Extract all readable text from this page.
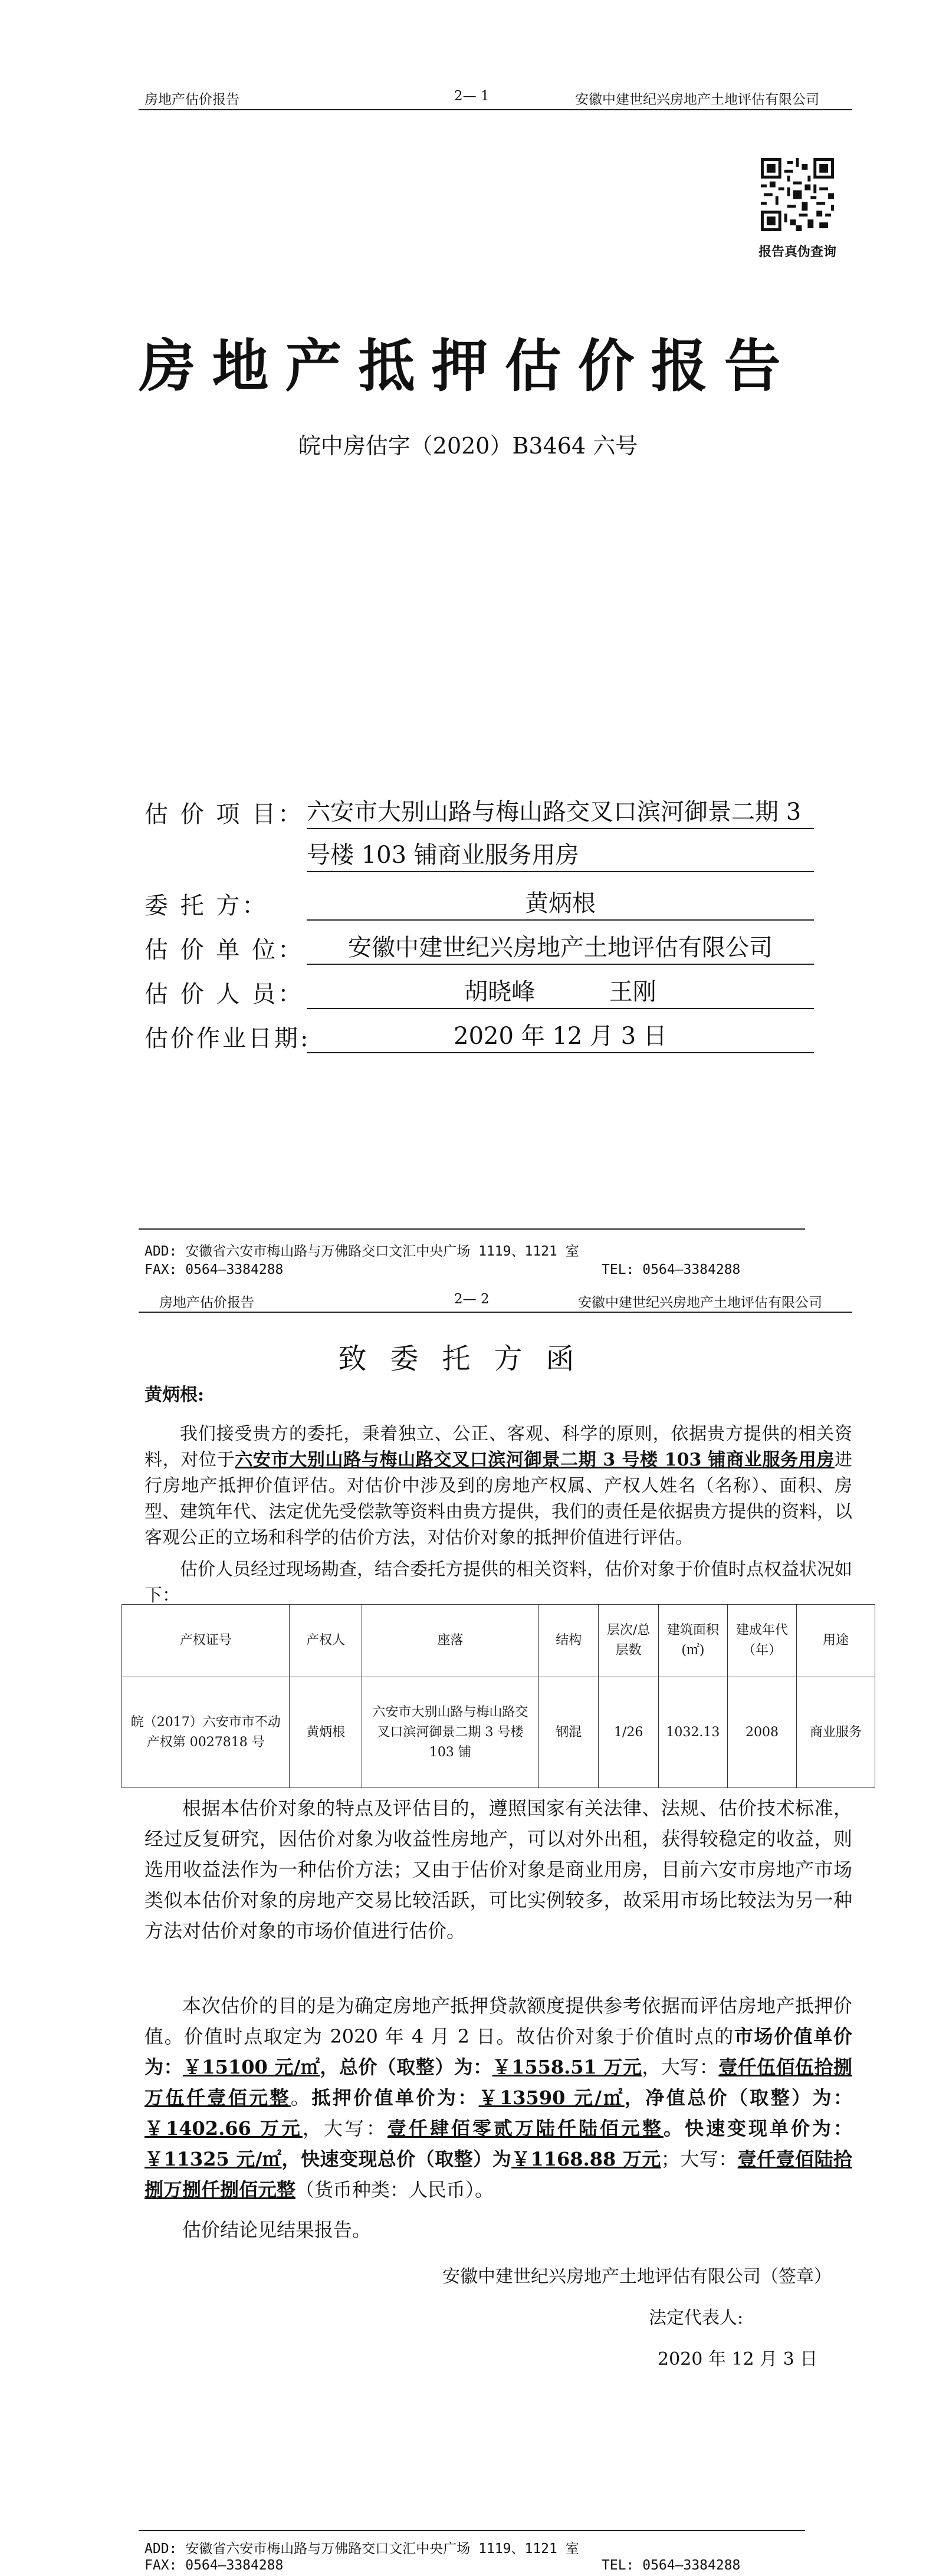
房地产估价报告	2— 1	安徽中建世纪兴房地产土地评估有限公司
报告真伪查询
房地产抵押估价报告
皖中房估字（2020）B3464 六号
估 价 项 目： 六安市大别山路与梅山路交叉口滨河御景二期 3
号楼 103 铺商业服务用房
委 托 方：	黄炳根
估 价 单 位：	安徽中建世纪兴房地产土地评估有限公司
估 价 人 员：	胡晓峰	王刚
估价作业日期:	2020 年 12 月 3 日
ADD: 安徽省六安市梅山路与万佛路交口文汇中央广场 1119、1121 室
FAX: 0564—3384288	TEL: 0564—3384288
房地产估价报告	2— 2	安徽中建世纪兴房地产土地评估有限公司
致委托方函
黄炳根:
我们接受贵方的委托，秉着独立、公正、客观、科学的原则，依据贵方提供的相关资料，对位于六安市大别山路与梅山路交叉口滨河御景二期 3 号楼 103 铺商业服务用房进行房地产抵押价值评估。对估价中涉及到的房地产权属、产权人姓名（名称）、面积、房型、建筑年代、法定优先受偿款等资料由贵方提供，我们的责任是依据贵方提供的资料，以客观公正的立场和科学的估价方法，对估价对象的抵押价值进行评估。
估价人员经过现场勘查，结合委托方提供的相关资料，估价对象于价值时点权益状况如下：
产权证号	产权人	座落	结构	层次/总层数	建筑面积(㎡)	建成年代（年）	用途
皖（2017）六安市市不动产权第 0027818 号	黄炳根	六安市大别山路与梅山路交叉口滨河御景二期 3 号楼 103 铺	钢混	1/26	1032.13	2008	商业服务
根据本估价对象的特点及评估目的，遵照国家有关法律、法规、估价技术标准，经过反复研究，因估价对象为收益性房地产，可以对外出租，获得较稳定的收益，则选用收益法作为一种估价方法；又由于估价对象是商业用房，目前六安市房地产市场类似本估价对象的房地产交易比较活跃，可比实例较多，故采用市场比较法为另一种方法对估价对象的市场价值进行估价。
本次估价的目的是为确定房地产抵押贷款额度提供参考依据而评估房地产抵押价值。价值时点取定为 2020 年 4 月 2 日。故估价对象于价值时点的市场价值单价为：￥15100 元/㎡，总价（取整）为：￥1558.51 万元，大写：壹仟伍佰伍拾捌万伍仟壹佰元整。抵押价值单价为：￥13590 元/㎡，净值总价（取整）为：￥1402.66 万元，大写：壹仟肆佰零贰万陆仟陆佰元整。快速变现单价为：￥11325 元/㎡，快速变现总价（取整）为￥1168.88 万元；大写：壹仟壹佰陆拾捌万捌仟捌佰元整（货币种类：人民币）。
估价结论见结果报告。
安徽中建世纪兴房地产土地评估有限公司（签章）
法定代表人:
2020 年 12 月 3 日
ADD: 安徽省六安市梅山路与万佛路交口文汇中央广场 1119、1121 室
FAX: 0564—3384288	TEL: 0564—3384288
